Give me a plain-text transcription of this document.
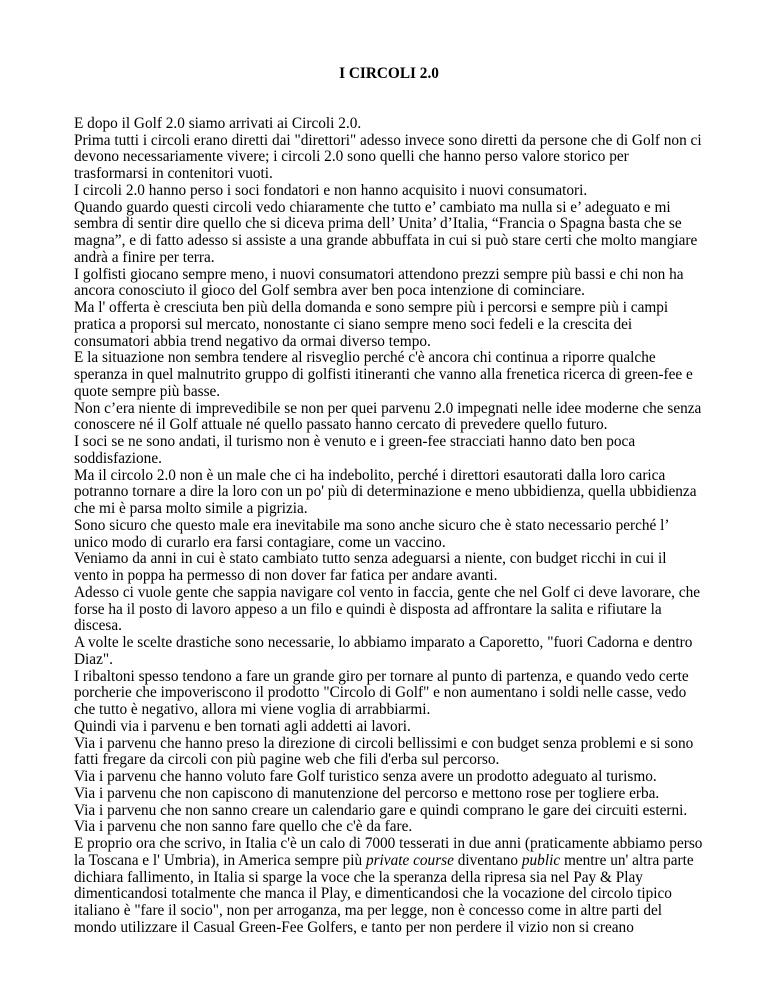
I CIRCOLI 2.0

E dopo il Golf 2.0 siamo arrivati ai Circoli 2.0.

Prima tutti i circoli erano diretti dai "direttori" adesso invece sono diretti da persone che di Golf non ci devono necessariamente vivere; i circoli 2.0 sono quelli che hanno perso valore storico per trasformarsi in contenitori vuoti.

I circoli 2.0 hanno perso i soci fondatori e non hanno acquisito i nuovi consumatori.

Quando guardo questi circoli vedo chiaramente che tutto e’ cambiato ma nulla si e’ adeguato e mi sembra di sentir dire quello che si diceva prima dell’ Unita’ d’Italia, “Francia o Spagna basta che se magna”, e di fatto adesso si assiste a una grande abbuffata in cui si può stare certi che molto mangiare andrà a finire per terra.

I golfisti giocano sempre meno, i nuovi consumatori attendono prezzi sempre più bassi e chi non ha ancora conosciuto il gioco del Golf sembra aver ben poca intenzione di cominciare.

Ma l' offerta è cresciuta ben più della domanda e sono sempre più i percorsi e sempre più i campi pratica a proporsi sul mercato, nonostante ci siano sempre meno soci fedeli e la crescita dei consumatori abbia trend negativo da ormai diverso tempo.

E la situazione non sembra tendere al risveglio perché c'è ancora chi continua a riporre qualche speranza in quel malnutrito gruppo di golfisti itineranti che vanno alla frenetica ricerca di green-fee e quote sempre più basse.

Non c’era niente di imprevedibile se non per quei parvenu 2.0 impegnati nelle idee moderne che senza conoscere né il Golf attuale né quello passato hanno cercato di prevedere quello futuro.

I soci se ne sono andati, il turismo non è venuto e i green-fee stracciati hanno dato ben poca soddisfazione.

Ma il circolo 2.0 non è un male che ci ha indebolito, perché i direttori esautorati dalla loro carica potranno tornare a dire la loro con un po' più di determinazione e meno ubbidienza, quella ubbidienza che mi è parsa molto simile a pigrizia.

Sono sicuro che questo male era inevitabile ma sono anche sicuro che è stato necessario perché l’ unico modo di curarlo era farsi contagiare, come un vaccino.

Veniamo da anni in cui è stato cambiato tutto senza adeguarsi a niente, con budget ricchi in cui il vento in poppa ha permesso di non dover far fatica per andare avanti.

Adesso ci vuole gente che sappia navigare col vento in faccia, gente che nel Golf ci deve lavorare, che forse ha il posto di lavoro appeso a un filo e quindi è disposta ad affrontare la salita e rifiutare la discesa.

A volte le scelte drastiche sono necessarie, lo abbiamo imparato a Caporetto, "fuori Cadorna e dentro Diaz".

I ribaltoni spesso tendono a fare un grande giro per tornare al punto di partenza, e quando vedo certe porcherie che impoveriscono il prodotto "Circolo di Golf" e non aumentano i soldi nelle casse, vedo che tutto è negativo, allora mi viene voglia di arrabbiarmi.

Quindi via i parvenu e ben tornati agli addetti ai lavori.

Via i parvenu che hanno preso la direzione di circoli bellissimi e con budget senza problemi e si sono fatti fregare da circoli con più pagine web che fili d'erba sul percorso.

Via i parvenu che hanno voluto fare Golf turistico senza avere un prodotto adeguato al turismo.

Via i parvenu che non capiscono di manutenzione del percorso e mettono rose per togliere erba.

Via i parvenu che non sanno creare un calendario gare e quindi comprano le gare dei circuiti esterni.

Via i parvenu che non sanno fare quello che c'è da fare.

E proprio ora che scrivo, in Italia c'è un calo di 7000 tesserati in due anni (praticamente abbiamo perso la Toscana e l' Umbria), in America sempre più private course diventano public mentre un' altra parte dichiara fallimento, in Italia si sparge la voce che la speranza della ripresa sia nel Pay & Play dimenticandosi totalmente che manca il Play, e dimenticandosi che la vocazione del circolo tipico italiano è "fare il socio", non per arroganza, ma per legge, non è concesso come in altre parti del mondo utilizzare il Casual Green-Fee Golfers, e tanto per non perdere il vizio non si creano
